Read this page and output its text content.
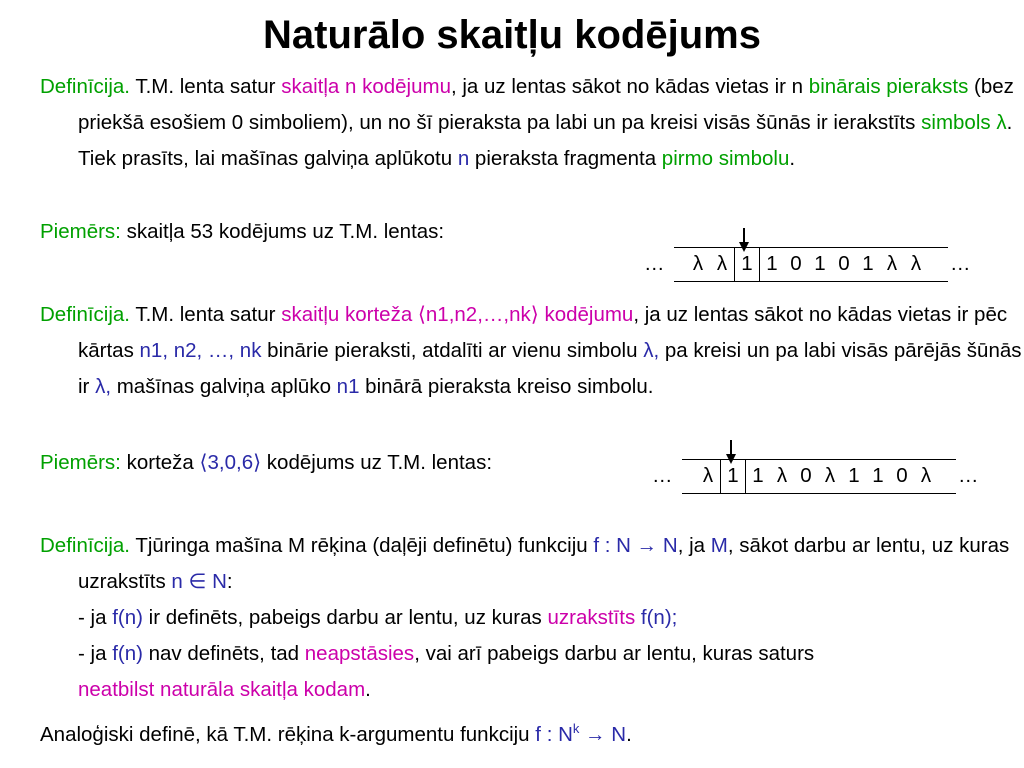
Naturālo skaitļu kodējums

Definīcija. T.M. lenta satur skaitļa n kodējumu, ja uz lentas sākot no kādas vietas ir n binārais pieraksts (bez priekšā esošiem 0 simboliem), un no šī pieraksta pa labi un pa kreisi visās šūnās ir ierakstīts simbols λ. Tiek prasīts, lai mašīnas galviņa aplūkotu n pieraksta fragmenta pirmo simbolu.

Piemērs: skaitļa 53 kodējums uz T.M. lentas:

…	…
λ λ 1 1 0 1 0 1 λ λ

Definīcija. T.M. lenta satur skaitļu korteža ⟨n1,n2,…,nk⟩ kodējumu, ja uz lentas sākot no kādas vietas ir pēc kārtas n1, n2, …, nk binārie pieraksti, atdalīti ar vienu simbolu λ, pa kreisi un pa labi visās pārējās šūnās ir λ, mašīnas galviņa aplūko n1 binārā pieraksta kreiso simbolu.

Piemērs: korteža ⟨3,0,6⟩ kodējums uz T.M. lentas:

…	…
λ 1 1 λ 0 λ 1 1 0 λ

Definīcija. Tjūringa mašīna M rēķina (daļēji definētu) funkciju f : N → N, ja M, sākot darbu ar lentu, uz kuras uzrakstīts n ∈ N:

- ja f(n) ir definēts, pabeigs darbu ar lentu, uz kuras uzrakstīts f(n);

- ja f(n) nav definēts, tad neapstāsies, vai arī pabeigs darbu ar lentu, kuras saturs

neatbilst naturāla skaitļa kodam.

Analoģiski definē, kā T.M. rēķina k-argumentu funkciju f : $N^k \to N$.
